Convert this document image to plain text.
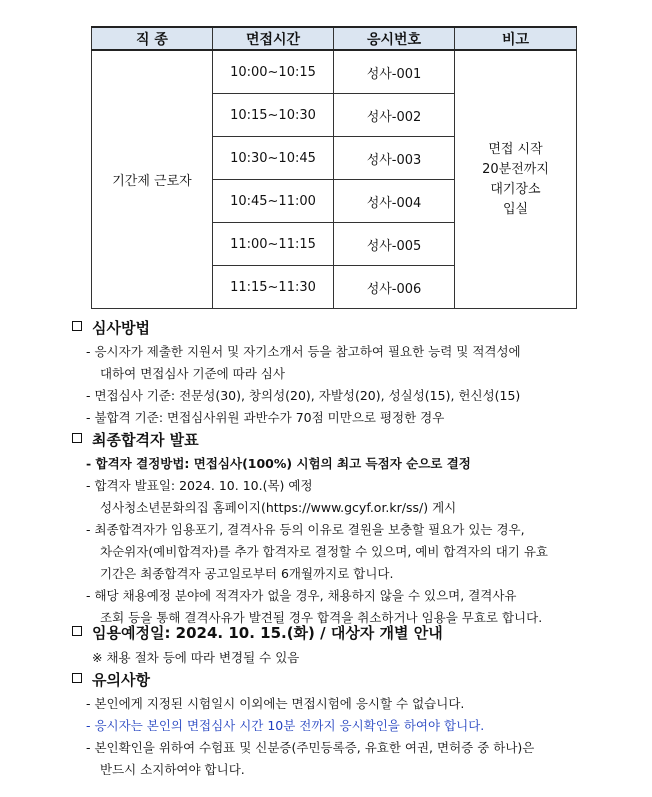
직 종	면접시간	응시번호	비고
기간제 근로자	10:00~10:15	성사-001	면접 시작
20분전까지
대기장소
입실

	10:15~10:30	성사-002	
	10:30~10:45	성사-003	
	10:45~11:00	성사-004	
	11:00~11:15	성사-005	
	11:15~11:30	성사-006	
심사방법
- 응시자가 제출한 지원서 및 자기소개서 등을 참고하여 필요한 능력 및 적격성에
대하여 면접심사 기준에 따라 심사
- 면접심사 기준: 전문성(30), 창의성(20), 자발성(20), 성실성(15), 헌신성(15)
- 불합격 기준: 면접심사위원 과반수가 70점 미만으로 평정한 경우
최종합격자 발표
- 합격자 결정방법: 면접심사(100%) 시험의 최고 득점자 순으로 결정
- 합격자 발표일: 2024. 10. 10.(목) 예정
성사청소년문화의집 홈페이지(https://www.gcyf.or.kr/ss/) 게시
- 최종합격자가 임용포기, 결격사유 등의 이유로 결원을 보충할 필요가 있는 경우,
차순위자(예비합격자)를 추가 합격자로 결정할 수 있으며, 예비 합격자의 대기 유효
기간은 최종합격자 공고일로부터 6개월까지로 합니다.
- 해당 채용예정 분야에 적격자가 없을 경우, 채용하지 않을 수 있으며, 결격사유
조회 등을 통해 결격사유가 발견될 경우 합격을 취소하거나 임용을 무효로 합니다.
임용예정일: 2024. 10. 15.(화) / 대상자 개별 안내
※ 채용 절차 등에 따라 변경될 수 있음
유의사항
- 본인에게 지정된 시험일시 이외에는 면접시험에 응시할 수 없습니다.
- 응시자는 본인의 면접심사 시간 10분 전까지 응시확인을 하여야 합니다.
- 본인확인을 위하여 수험표 및 신분증(주민등록증, 유효한 여권, 면허증 중 하나)은
반드시 소지하여야 합니다.
